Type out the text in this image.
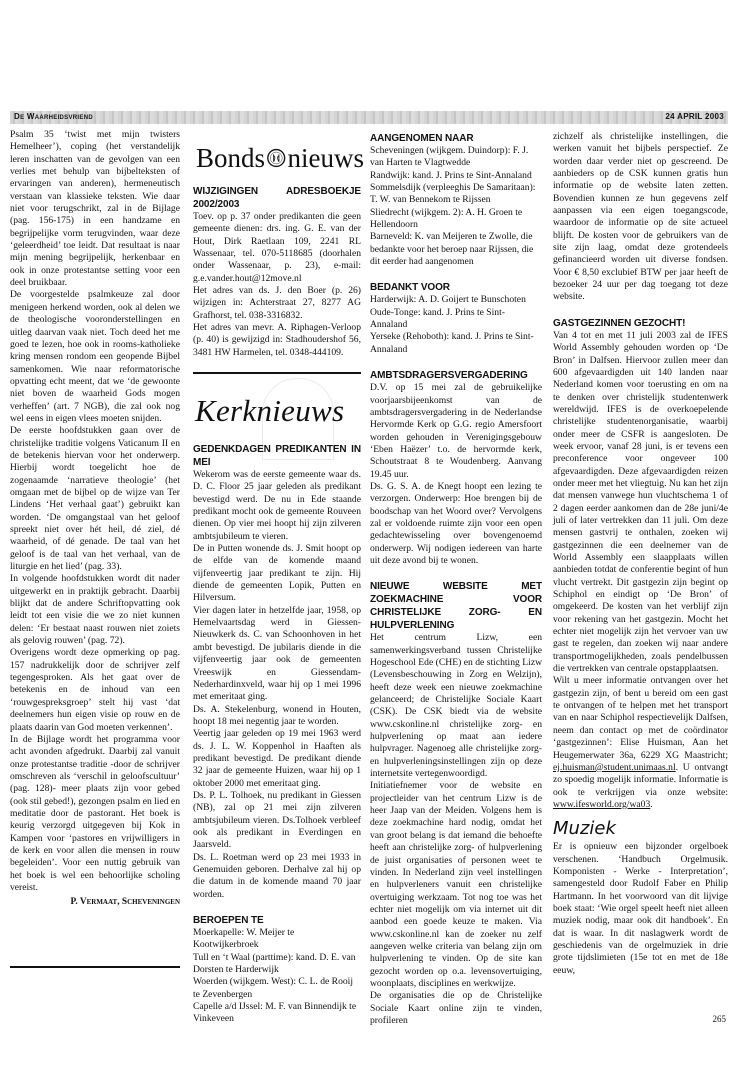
De Waarheidsvriend	24 APRIL 2003

Psalm 35 ‘twist met mijn twisters Hemelheer’), coping (het verstandelijk leren inschatten van de gevolgen van een verlies met behulp van bijbelteksten of ervaringen van anderen), hermeneutisch verstaan van klassieke teksten. Wie daar niet voor terugschrikt, zal in de Bijlage (pag. 156-175) in een handzame en begrijpelijke vorm terugvinden, waar deze ‘geleerdheid’ toe leidt. Dat resultaat is naar mijn mening begrijpelijk, herkenbaar en ook in onze protestantse setting voor een deel bruikbaar.

De voorgestelde psalmkeuze zal door menigeen herkend worden, ook al delen we de theologische vooronderstellingen en uitleg daarvan vaak niet. Toch deed het me goed te lezen, hoe ook in rooms-katholieke kring mensen rondom een geopende Bijbel samenkomen. Wie naar reformatorische opvatting echt meent, dat we ‘de gewoonte niet boven de waarheid Gods mogen verheffen’ (art. 7 NGB), die zal ook nog wel eens in eigen vlees moeten snijden.

De eerste hoofdstukken gaan over de christelijke traditie volgens Vaticanum II en de betekenis hiervan voor het onderwerp. Hierbij wordt toegelicht hoe de zogenaamde ‘narratieve theologie’ (het omgaan met de bijbel op de wijze van Ter Lindens ‘Het verhaal gaat’) gebruikt kan worden. ‘De omgangstaal van het geloof spreekt niet over hét heil, dé ziel, dé waarheid, of dé genade. De taal van het geloof is de taal van het verhaal, van de liturgie en het lied’ (pag. 33).

In volgende hoofdstukken wordt dit nader uitgewerkt en in praktijk gebracht. Daarbij blijkt dat de andere Schriftopvatting ook leidt tot een visie die we zo niet kunnen delen: ‘Er bestaat naast rouwen niet zoiets als gelovig rouwen’ (pag. 72).

Overigens wordt deze opmerking op pag. 157 nadrukkelijk door de schrijver zelf tegengesproken. Als het gaat over de betekenis en de inhoud van een ‘rouwgespreksgroep’ stelt hij vast ‘dat deelnemers hun eigen visie op rouw en de plaats daarin van God moeten verkennen’.

In de Bijlage wordt het programma voor acht avonden afgedrukt. Daarbij zal vanuit onze protestantse traditie -door de schrijver omschreven als ‘verschil in geloofscultuur’ (pag. 128)- meer plaats zijn voor gebed (ook stil gebed!), gezongen psalm en lied en meditatie door de pastorant. Het boek is keurig verzorgd uitgegeven bij Kok in Kampen voor ‘pastores en vrijwilligers in de kerk en voor allen die mensen in rouw begeleiden’. Voor een nuttig gebruik van het boek is wel een behoorlijke scholing vereist.

P. Vermaat, Scheveningen

Bonds nieuws
WIJZIGINGEN ADRESBOEKJE 2002/2003

Toev. op p. 37 onder predikanten die geen gemeente dienen: drs. ing. G. E. van der Hout, Dirk Raetlaan 109, 2241 RL Wassenaar, tel. 070-5118685 (doorhalen onder Wassenaar, p. 23), e-mail: g.e.vander.hout@12move.nl

Het adres van ds. J. den Boer (p. 26) wijzigen in: Achterstraat 27, 8277 AG Grafhorst, tel. 038-3316832.

Het adres van mevr. A. Riphagen-Verloop (p. 40) is gewijzigd in: Stadhoudershof 56, 3481 HW Harmelen, tel. 0348-444109.

Kerknieuws
GEDENKDAGEN PREDIKANTEN IN MEI

Wekerom was de eerste gemeente waar ds. D. C. Floor 25 jaar geleden als predikant bevestigd werd. De nu in Ede staande predikant mocht ook de gemeente Rouveen dienen. Op vier mei hoopt hij zijn zilveren ambtsjubileum te vieren.

De in Putten wonende ds. J. Smit hoopt op de elfde van de komende maand vijfenveertig jaar predikant te zijn. Hij diende de gemeenten Lopik, Putten en Hilversum.

Vier dagen later in hetzelfde jaar, 1958, op Hemelvaartsdag werd in Giessen-Nieuwkerk ds. C. van Schoonhoven in het ambt bevestigd. De jubilaris diende in die vijfenveertig jaar ook de gemeenten Vreeswijk en Giessendam-Nederhardinxveld, waar hij op 1 mei 1996 met emeritaat ging.

Ds. A. Stekelenburg, wonend in Houten, hoopt 18 mei negentig jaar te worden.

Veertig jaar geleden op 19 mei 1963 werd ds. J. L. W. Koppenhol in Haaften als predikant bevestigd. De predikant diende 32 jaar de gemeente Huizen, waar hij op 1 oktober 2000 met emeritaat ging.

Ds. P. L. Tolhoek, nu predikant in Giessen (NB), zal op 21 mei zijn zilveren ambtsjubileum vieren. Ds.Tolhoek verbleef ook als predikant in Everdingen en Jaarsveld.

Ds. L. Roetman werd op 23 mei 1933 in Genemuiden geboren. Derhalve zal hij op die datum in de komende maand 70 jaar worden.

BEROEPEN TE

Moerkapelle: W. Meijer te Kootwijkerbroek

Tull en ‘t Waal (parttime): kand. D. E. van Dorsten te Harderwijk

Woerden (wijkgem. West): C. L. de Rooij te Zevenbergen

Capelle a/d IJssel: M. F. van Binnendijk te Vinkeveen

AANGENOMEN NAAR

Scheveningen (wijkgem. Duindorp): F. J. van Harten te Vlagtwedde

Randwijk: kand. J. Prins te Sint-Annaland

Sommelsdijk (verpleeghis De Samaritaan): T. W. van Bennekom te Rijssen

Sliedrecht (wijkgem. 2): A. H. Groen te Hellendoorn

Barneveld: K. van Meijeren te Zwolle, die bedankte voor het beroep naar Rijssen, die dit eerder had aangenomen

BEDANKT VOOR

Harderwijk: A. D. Goijert te Bunschoten

Oude-Tonge: kand. J. Prins te Sint-Annaland

Yerseke (Rehoboth): kand. J. Prins te Sint-Annaland

AMBTSDRAGERSVERGADERING

D.V. op 15 mei zal de gebruikelijke voorjaarsbijeenkomst van de ambtsdragersvergadering in de Nederlandse Hervormde Kerk op G.G. regio Amersfoort worden gehouden in Verenigingsgebouw ‘Eben Haëzer’ t.o. de hervormde kerk, Schoutstraat 8 te Woudenberg. Aanvang 19.45 uur.

Ds. G. S. A. de Knegt hoopt een lezing te verzorgen. Onderwerp: Hoe brengen bij de boodschap van het Woord over? Vervolgens zal er voldoende ruimte zijn voor een open gedachtewisseling over bovengenoemd onderwerp. Wij nodigen iedereen van harte uit deze avond bij te wonen.

NIEUWE WEBSITE MET ZOEKMACHINE VOOR CHRISTELIJKE ZORG- EN HULPVERLENING

Het centrum Lizw, een samenwerkingsverband tussen Christelijke Hogeschool Ede (CHE) en de stichting Lizw (Levensbeschouwing in Zorg en Welzijn), heeft deze week een nieuwe zoekmachine gelanceerd; de Christelijke Sociale Kaart (CSK). De CSK biedt via de website www.cskonline.nl christelijke zorg- en hulpverlening op maat aan iedere hulpvrager. Nagenoeg alle christelijke zorg- en hulpverleningsinstellingen zijn op deze internetsite vertegenwoordigd.

Initiatiefnemer voor de website en projectleider van het centrum Lizw is de heer Jaap van der Meiden. Volgens hem is deze zoekmachine hard nodig, omdat het van groot belang is dat iemand die behoefte heeft aan christelijke zorg- of hulpverlening de juist organisaties of personen weet te vinden. In Nederland zijn veel instellingen en hulpverleners vanuit een christelijke overtuiging werkzaam. Tot nog toe was het echter niet mogelijk om via internet uit dit aanbod een goede keuze te maken. Via www.cskonline.nl kan de zoeker nu zelf aangeven welke criteria van belang zijn om hulpverlening te vinden. Op de site kan gezocht worden op o.a. levensovertuiging, woonplaats, disciplines en werkwijze.

De organisaties die op de Christelijke Sociale Kaart online zijn te vinden, profileren

zichzelf als christelijke instellingen, die werken vanuit het bijbels perspectief. Ze worden daar verder niet op gescreend. De aanbieders op de CSK kunnen gratis hun informatie op de website laten zetten. Bovendien kunnen ze hun gegevens zelf aanpassen via een eigen toegangscode, waardoor de informatie op de site actueel blijft. De kosten voor de gebruikers van de site zijn laag, omdat deze grotendeels gefinancieerd worden uit diverse fondsen. Voor € 8,50 exclubief BTW per jaar heeft de bezoeker 24 uur per dag toegang tot deze website.

GASTGEZINNEN GEZOCHT!

Van 4 tot en met 11 juli 2003 zal de IFES World Assembly gehouden worden op ‘De Bron’ in Dalfsen. Hiervoor zullen meer dan 600 afgevaardigden uit 140 landen naar Nederland komen voor toerusting en om na te denken over christelijk studentenwerk wereldwijd. IFES is de overkoepelende christelijke studentenorganisatie, waarbij onder meer de CSFR is aangesloten. De week ervoor, vanaf 28 juni, is er tevens een preconference voor ongeveer 100 afgevaardigden. Deze afgevaardigden reizen onder meer met het vliegtuig. Nu kan het zijn dat mensen vanwege hun vluchtschema 1 of 2 dagen eerder aankomen dan de 28e juni/4e juli of later vertrekken dan 11 juli. Om deze mensen gastvrij te onthalen, zoeken wij gastgezinnen die een deelnemer van de World Assembly een slaapplaats willen aanbieden totdat de conferentie begint of hun vlucht vertrekt. Dit gastgezin zijn begint op Schiphol en eindigt op ‘De Bron’ of omgekeerd. De kosten van het verblijf zijn voor rekening van het gastgezin. Mocht het echter niet mogelijk zijn het vervoer van uw gast te regelen, dan zoeken wij naar andere transportmogelijkheden, zoals pendelbussen die vertrekken van centrale opstapplaatsen.

Wilt u meer informatie ontvangen over het gastgezin zijn, of bent u bereid om een gast te ontvangen of te helpen met het transport van en naar Schiphol respectievelijk Dalfsen, neem dan contact op met de coördinator ‘gastgezinnen’: Elise Huisman, Aan het Heugemerwater 36a, 6229 XG Maastricht; ej.huisman@student.unimaas.nl. U ontvangt zo spoedig mogelijk informatie. Informatie is ook te verkrijgen via onze website: www.ifesworld.org/wa03.

Muziek

Er is opnieuw een bijzonder orgelboek verschenen. ‘Handbuch Orgelmusik. Komponisten - Werke - Interpretation’, samengesteld door Rudolf Faber en Philip Hartmann. In het voorwoord van dit lijvige boek staat: ‘Wie orgel speelt heeft niet alleen muziek nodig, maar ook dit handboek’. En dat is waar. In dit naslagwerk wordt de geschiedenis van de orgelmuziek in drie grote tijdslimieten (15e tot en met de 18e eeuw,

265
